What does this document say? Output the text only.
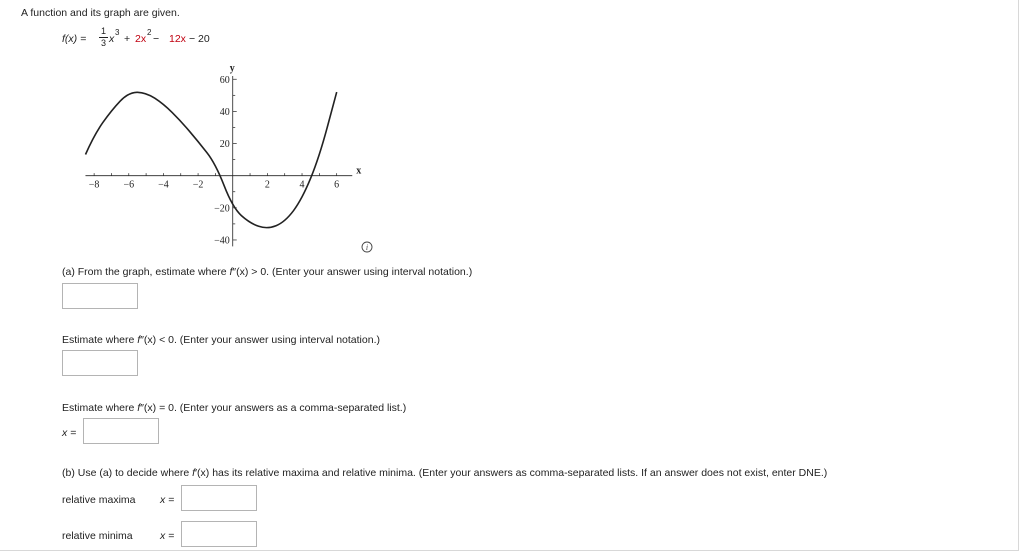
A function and its graph are given.
f(x) =
1
3 x
3
+ 2x
2
− 12x − 20
x
y
−8 −6 −4 −2	2	4	6
60
40
20
−20
−40
i
(a) From the graph, estimate where f″(x) > 0. (Enter your answer using interval notation.)
Estimate where f″(x) < 0. (Enter your answer using interval notation.)
Estimate where f″(x) = 0. (Enter your answers as a comma-separated list.)
x =
(b) Use (a) to decide where f′(x) has its relative maxima and relative minima. (Enter your answers as comma-separated lists. If an answer does not exist, enter DNE.)
relative maxima x =
relative minima	x =
